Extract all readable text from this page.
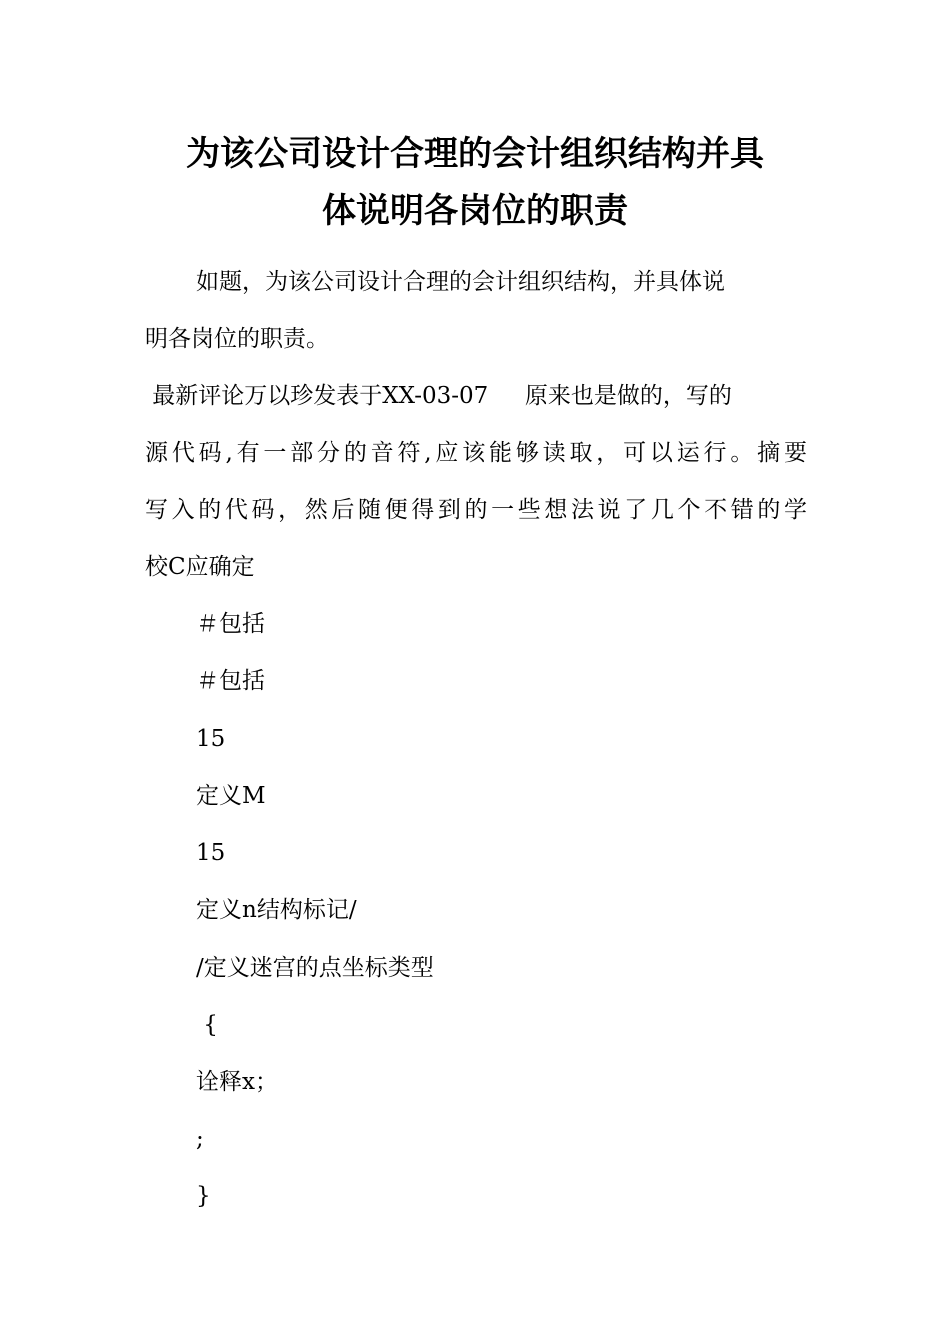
为该公司设计合理的会计组织结构并具
体说明各岗位的职责

如题，为该公司设计合理的会计组织结构，并具体说

明各岗位的职责。

最新评论万以珍发表于XX-03-07     原来也是做的，写的

源代码,有一部分的音符,应该能够读取，可以运行。摘要

写入的代码，然后随便得到的一些想法说了几个不错的学

校C应确定

＃包括

＃包括

15

定义M

15

定义n结构标记/

/定义迷宫的点坐标类型

{

诠释x；

;

}
